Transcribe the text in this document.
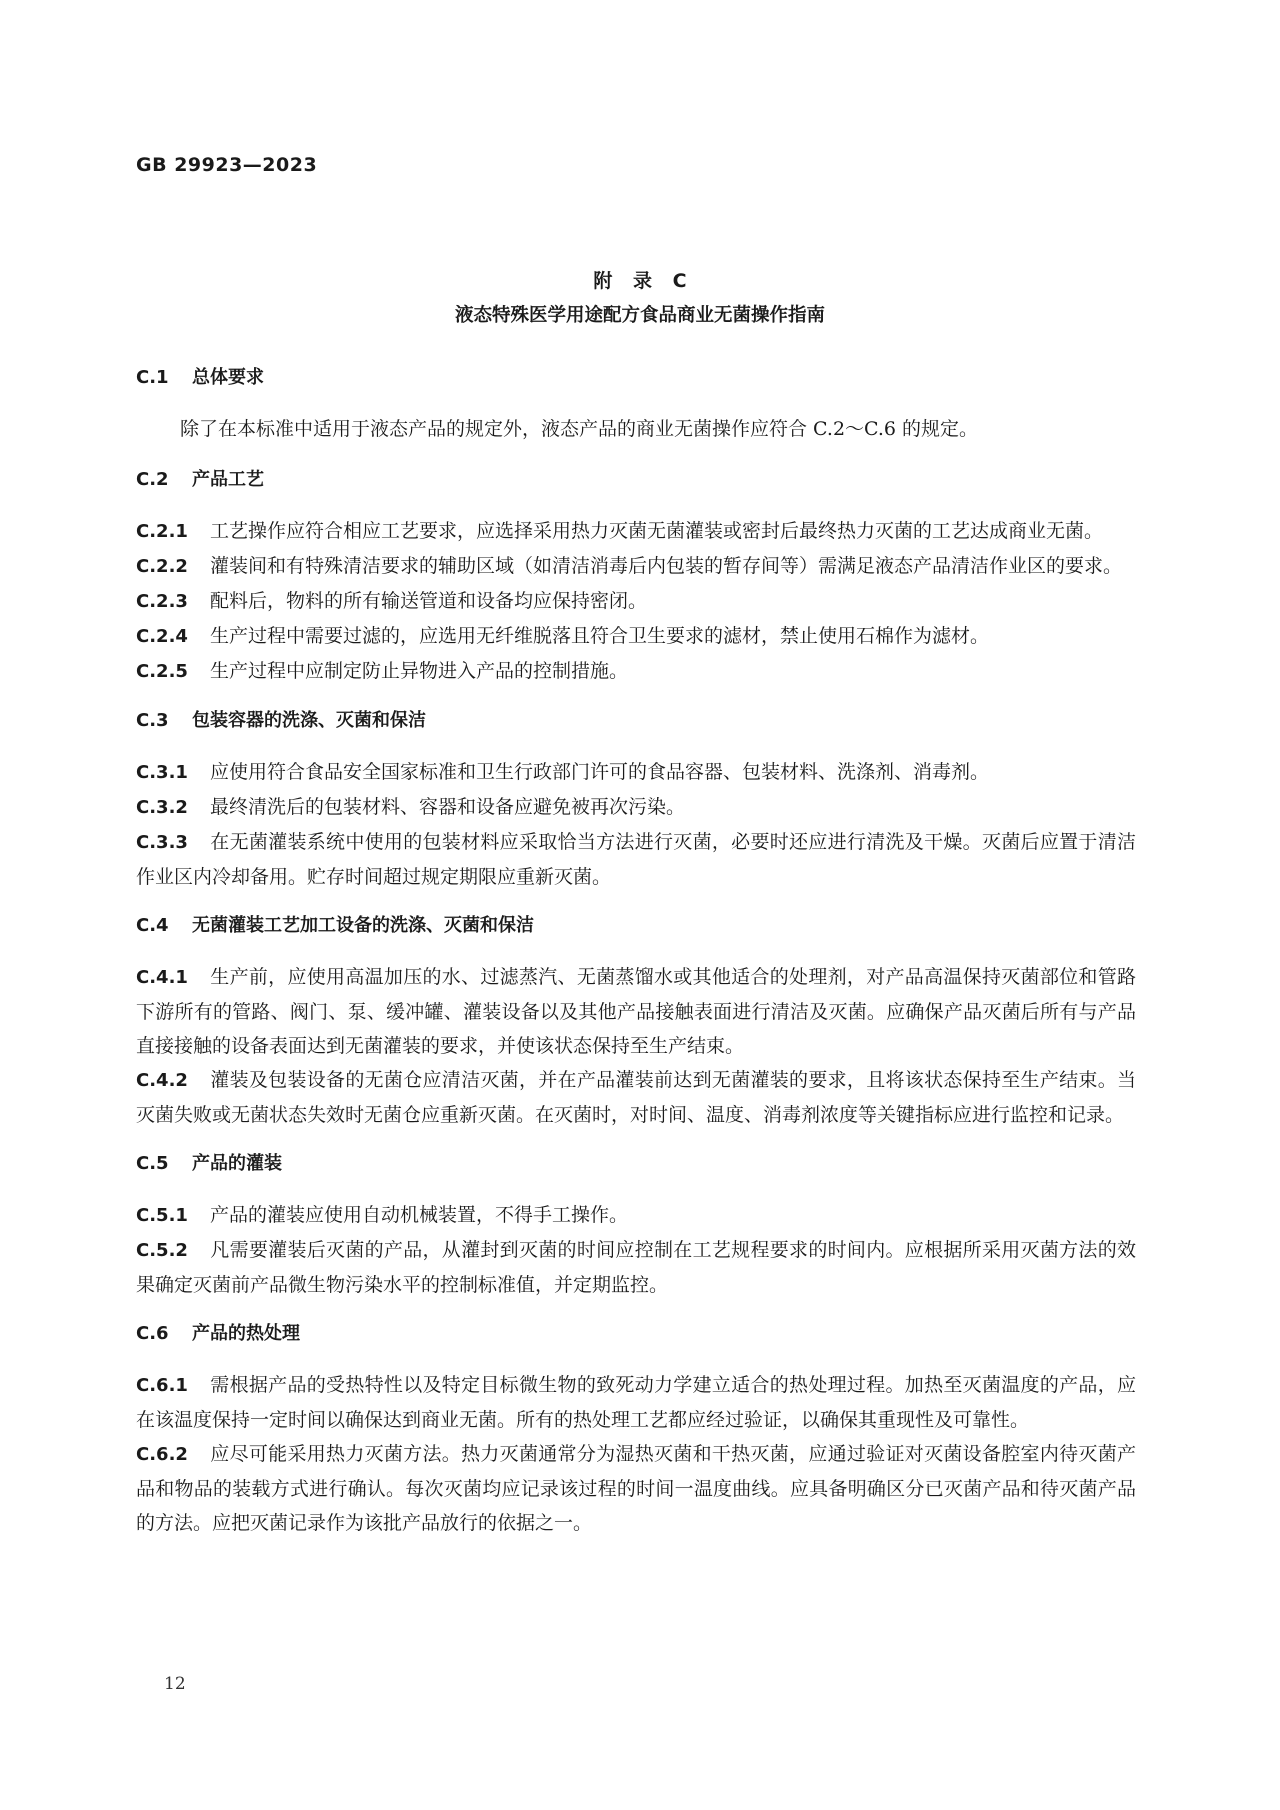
GB 29923—2023
附 录 C
液态特殊医学用途配方食品商业无菌操作指南
C.1 总体要求

除了在本标准中适用于液态产品的规定外，液态产品的商业无菌操作应符合 C.2～C.6 的规定。

C.2 产品工艺

C.2.1 工艺操作应符合相应工艺要求，应选择采用热力灭菌无菌灌装或密封后最终热力灭菌的工艺达成商业无菌。

C.2.2 灌装间和有特殊清洁要求的辅助区域（如清洁消毒后内包装的暂存间等）需满足液态产品清洁作业区的要求。

C.2.3 配料后，物料的所有输送管道和设备均应保持密闭。

C.2.4 生产过程中需要过滤的，应选用无纤维脱落且符合卫生要求的滤材，禁止使用石棉作为滤材。

C.2.5 生产过程中应制定防止异物进入产品的控制措施。

C.3 包装容器的洗涤、灭菌和保洁

C.3.1 应使用符合食品安全国家标准和卫生行政部门许可的食品容器、包装材料、洗涤剂、消毒剂。

C.3.2 最终清洗后的包装材料、容器和设备应避免被再次污染。

C.3.3 在无菌灌装系统中使用的包装材料应采取恰当方法进行灭菌，必要时还应进行清洗及干燥。灭菌后应置于清洁作业区内冷却备用。贮存时间超过规定期限应重新灭菌。

C.4 无菌灌装工艺加工设备的洗涤、灭菌和保洁

C.4.1 生产前，应使用高温加压的水、过滤蒸汽、无菌蒸馏水或其他适合的处理剂，对产品高温保持灭菌部位和管路下游所有的管路、阀门、泵、缓冲罐、灌装设备以及其他产品接触表面进行清洁及灭菌。应确保产品灭菌后所有与产品直接接触的设备表面达到无菌灌装的要求，并使该状态保持至生产结束。

C.4.2 灌装及包装设备的无菌仓应清洁灭菌，并在产品灌装前达到无菌灌装的要求，且将该状态保持至生产结束。当灭菌失败或无菌状态失效时无菌仓应重新灭菌。在灭菌时，对时间、温度、消毒剂浓度等关键指标应进行监控和记录。

C.5 产品的灌装

C.5.1 产品的灌装应使用自动机械装置，不得手工操作。

C.5.2 凡需要灌装后灭菌的产品，从灌封到灭菌的时间应控制在工艺规程要求的时间内。应根据所采用灭菌方法的效果确定灭菌前产品微生物污染水平的控制标准值，并定期监控。

C.6 产品的热处理

C.6.1 需根据产品的受热特性以及特定目标微生物的致死动力学建立适合的热处理过程。加热至灭菌温度的产品，应在该温度保持一定时间以确保达到商业无菌。所有的热处理工艺都应经过验证，以确保其重现性及可靠性。

C.6.2 应尽可能采用热力灭菌方法。热力灭菌通常分为湿热灭菌和干热灭菌，应通过验证对灭菌设备腔室内待灭菌产品和物品的装载方式进行确认。每次灭菌均应记录该过程的时间一温度曲线。应具备明确区分已灭菌产品和待灭菌产品的方法。应把灭菌记录作为该批产品放行的依据之一。

12
